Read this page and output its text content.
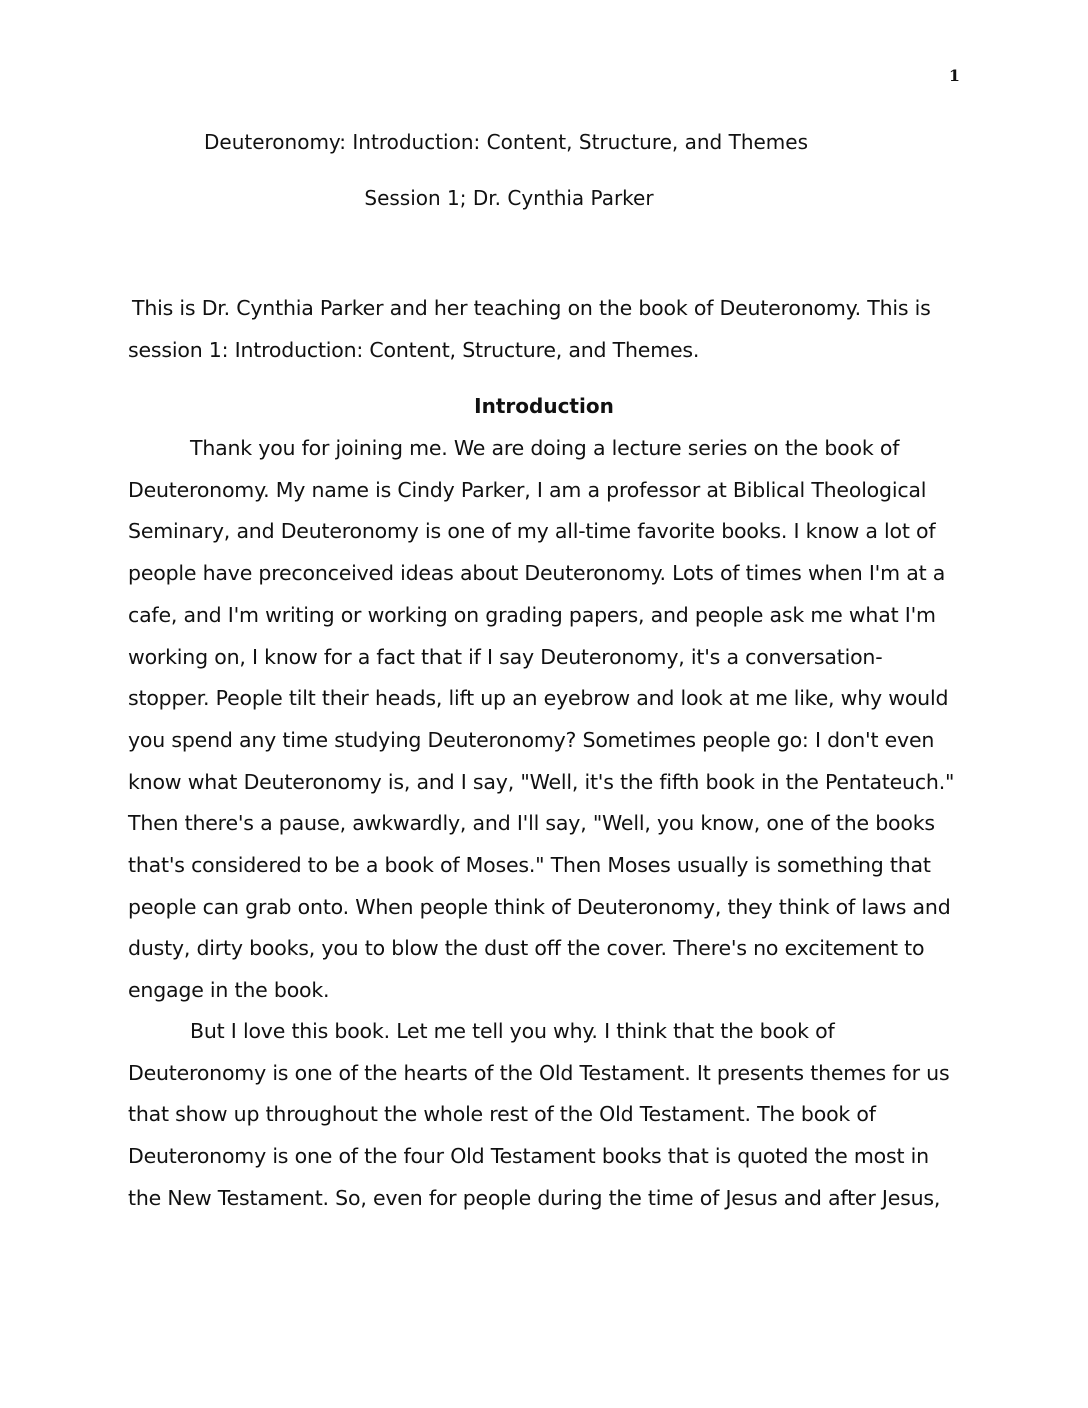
1
Deuteronomy: Introduction: Content, Structure, and Themes
Session 1; Dr. Cynthia Parker

This is Dr. Cynthia Parker and her teaching on the book of Deuteronomy. This is session 1: Introduction: Content, Structure, and Themes.

Introduction

Thank you for joining me. We are doing a lecture series on the book of Deuteronomy. My name is Cindy Parker, I am a professor at Biblical Theological Seminary, and Deuteronomy is one of my all-time favorite books. I know a lot of people have preconceived ideas about Deuteronomy. Lots of times when I'm at a cafe, and I'm writing or working on grading papers, and people ask me what I'm working on, I know for a fact that if I say Deuteronomy, it's a conversation-stopper. People tilt their heads, lift up an eyebrow and look at me like, why would you spend any time studying Deuteronomy? Sometimes people go: I don't even know what Deuteronomy is, and I say, "Well, it's the fifth book in the Pentateuch." Then there's a pause, awkwardly, and I'll say, "Well, you know, one of the books that's considered to be a book of Moses." Then Moses usually is something that people can grab onto. When people think of Deuteronomy, they think of laws and dusty, dirty books, you to blow the dust off the cover. There's no excitement to engage in the book.

But I love this book. Let me tell you why. I think that the book of Deuteronomy is one of the hearts of the Old Testament. It presents themes for us that show up throughout the whole rest of the Old Testament. The book of Deuteronomy is one of the four Old Testament books that is quoted the most in the New Testament. So, even for people during the time of Jesus and after Jesus,
